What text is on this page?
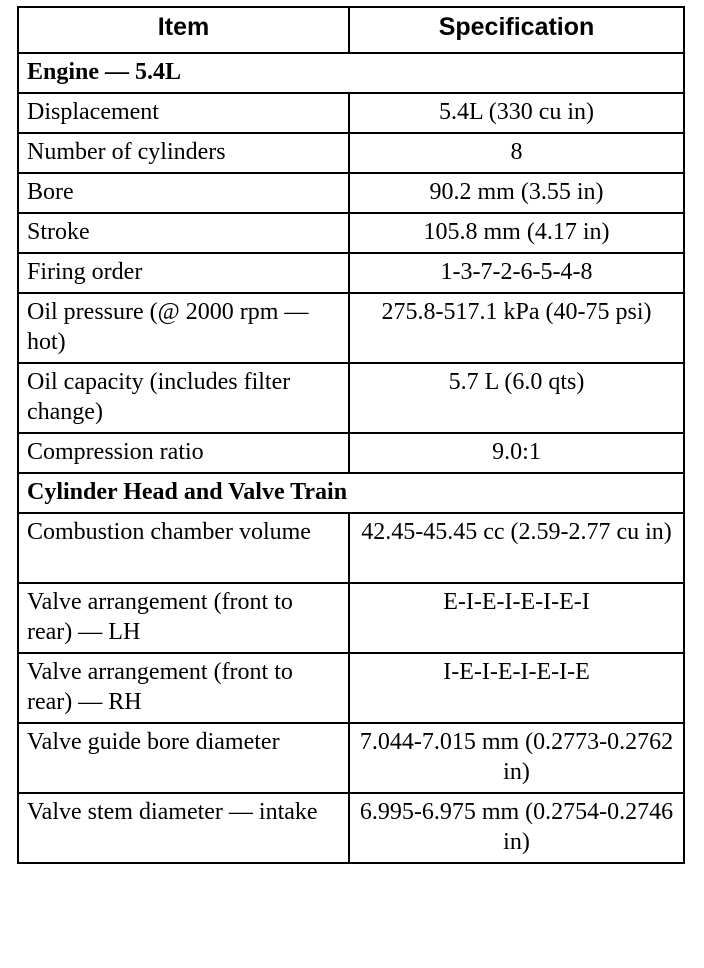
Item	Specification
Engine — 5.4L	
Displacement	5.4L (330 cu in)
Number of cylinders	8
Bore	90.2 mm (3.55 in)
Stroke	105.8 mm (4.17 in)
Firing order	1-3-7-2-6-5-4-8
Oil pressure (@ 2000 rpm — hot)	275.8-517.1 kPa (40-75 psi)
Oil capacity (includes filter change)	5.7 L (6.0 qts)
Compression ratio	9.0:1
Cylinder Head and Valve Train	
Combustion chamber volume	42.45-45.45 cc (2.59-2.77 cu in)
Valve arrangement (front to rear) — LH	E-I-E-I-E-I-E-I
Valve arrangement (front to rear) — RH	I-E-I-E-I-E-I-E
Valve guide bore diameter	7.044-7.015 mm (0.2773-0.2762 in)
Valve stem diameter — intake	6.995-6.975 mm (0.2754-0.2746 in)
